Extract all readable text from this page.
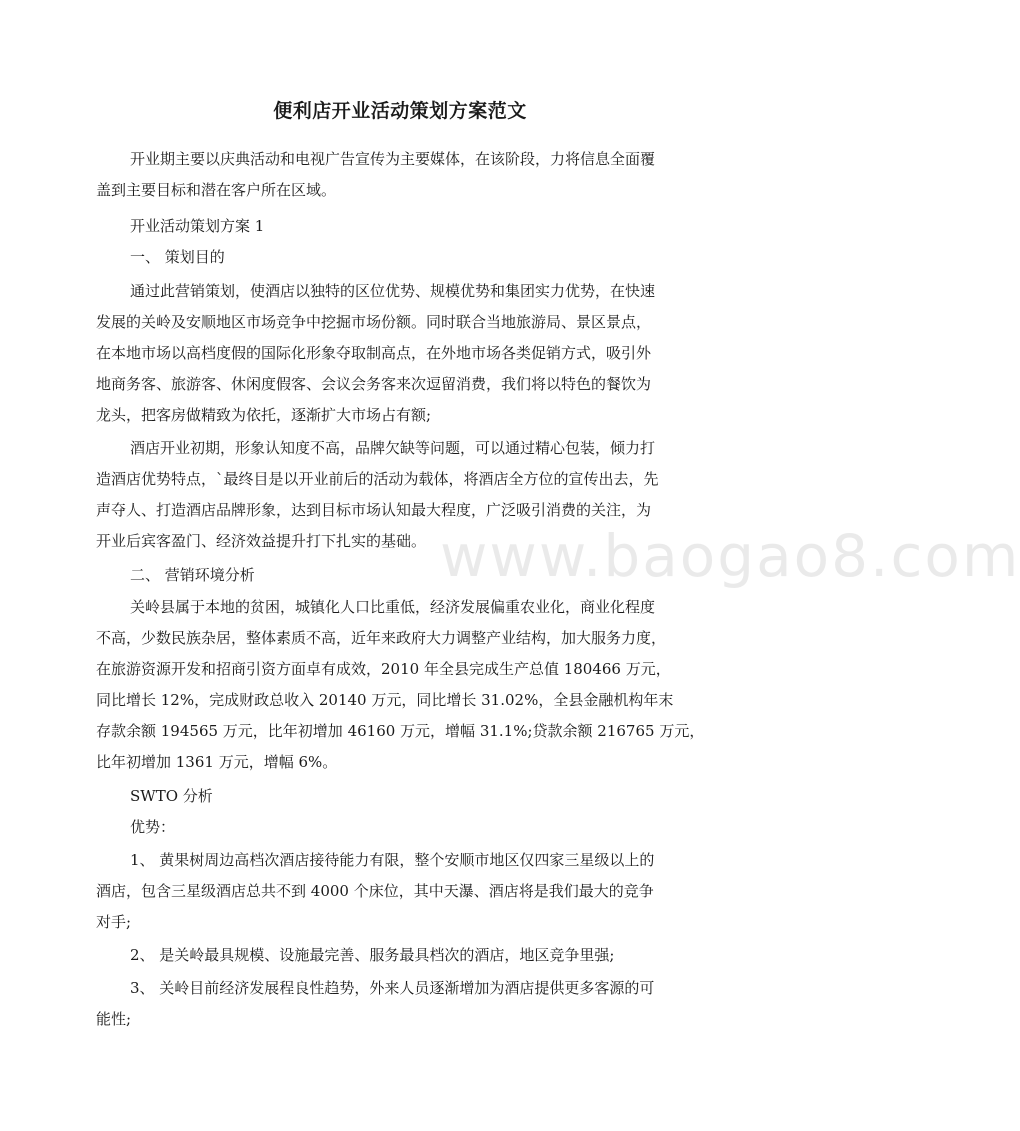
便利店开业活动策划方案范文
www.baogao8.com
开业期主要以庆典活动和电视广告宣传为主要媒体，在该阶段，力将信息全面覆
盖到主要目标和潜在客户所在区域。
开业活动策划方案 1
一、 策划目的
通过此营销策划，使酒店以独特的区位优势、规模优势和集团实力优势，在快速
发展的关岭及安顺地区市场竞争中挖掘市场份额。同时联合当地旅游局、景区景点，
在本地市场以高档度假的国际化形象夺取制高点，在外地市场各类促销方式，吸引外
地商务客、旅游客、休闲度假客、会议会务客来次逗留消费，我们将以特色的餐饮为
龙头，把客房做精致为依托，逐渐扩大市场占有额;
酒店开业初期，形象认知度不高，品牌欠缺等问题，可以通过精心包装，倾力打
造酒店优势特点，`最终目是以开业前后的活动为载体，将酒店全方位的宣传出去，先
声夺人、打造酒店品牌形象，达到目标市场认知最大程度，广泛吸引消费的关注，为
开业后宾客盈门、经济效益提升打下扎实的基础。
二、 营销环境分析
关岭县属于本地的贫困，城镇化人口比重低，经济发展偏重农业化，商业化程度
不高，少数民族杂居，整体素质不高，近年来政府大力调整产业结构，加大服务力度，
在旅游资源开发和招商引资方面卓有成效，2010 年全县完成生产总值 180466 万元，
同比增长 12%，完成财政总收入 20140 万元，同比增长 31.02%，全县金融机构年末
存款余额 194565 万元，比年初增加 46160 万元，增幅 31.1%;贷款余额 216765 万元，
比年初增加 1361 万元，增幅 6%。
SWTO 分析
优势：
1、 黄果树周边高档次酒店接待能力有限，整个安顺市地区仅四家三星级以上的
酒店，包含三星级酒店总共不到 4000 个床位，其中天瀑、酒店将是我们最大的竞争
对手;
2、 是关岭最具规模、设施最完善、服务最具档次的酒店，地区竞争里强;
3、 关岭目前经济发展程良性趋势，外来人员逐渐增加为酒店提供更多客源的可
能性;
